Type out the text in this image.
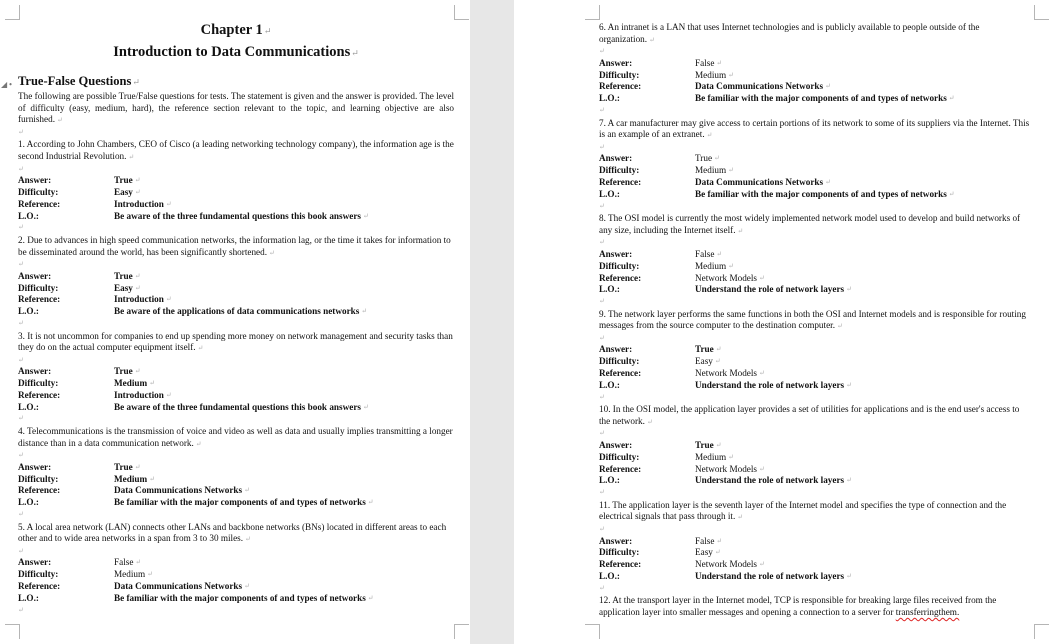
Chapter 1↵
Introduction to Data Communications↵
◢ • True-False Questions↵
The following are possible True/False questions for tests. The statement is given and the answer is provided. The level of difficulty (easy, medium, hard), the reference section relevant to the topic, and learning objective are also furnished. ↵
↵
1. According to John Chambers, CEO of Cisco (a leading networking technology company), the information age is the second Industrial Revolution. ↵
↵
Answer:	True ↵
Difficulty:	Easy ↵
Reference:	Introduction ↵
L.O.:	Be aware of the three fundamental questions this book answers ↵
↵
2. Due to advances in high speed communication networks, the information lag, or the time it takes for information to be disseminated around the world, has been significantly shortened. ↵
↵
Answer:	True ↵
Difficulty:	Easy ↵
Reference:	Introduction ↵
L.O.:	Be aware of the applications of data communications networks ↵
↵
3. It is not uncommon for companies to end up spending more money on network management and security tasks than they do on the actual computer equipment itself. ↵
↵
Answer:	True ↵
Difficulty:	Medium ↵
Reference:	Introduction ↵
L.O.:	Be aware of the three fundamental questions this book answers ↵
↵
4. Telecommunications is the transmission of voice and video as well as data and usually implies transmitting a longer distance than in a data communication network. ↵
↵
Answer:	True ↵
Difficulty:	Medium ↵
Reference:	Data Communications Networks ↵
L.O.:	Be familiar with the major components of and types of networks ↵
↵
5. A local area network (LAN) connects other LANs and backbone networks (BNs) located in different areas to each other and to wide area networks in a span from 3 to 30 miles. ↵
↵
Answer:	False ↵
Difficulty:	Medium ↵
Reference:	Data Communications Networks ↵
L.O.:	Be familiar with the major components of and types of networks ↵
↵
6. An intranet is a LAN that uses Internet technologies and is publicly available to people outside of the organization. ↵
↵
Answer:	False ↵
Difficulty:	Medium ↵
Reference:	Data Communications Networks ↵
L.O.:	Be familiar with the major components of and types of networks ↵
↵
7. A car manufacturer may give access to certain portions of its network to some of its suppliers via the Internet. This is an example of an extranet. ↵
↵
Answer:	True ↵
Difficulty:	Medium ↵
Reference:	Data Communications Networks ↵
L.O.:	Be familiar with the major components of and types of networks ↵
↵
8. The OSI model is currently the most widely implemented network model used to develop and build networks of any size, including the Internet itself. ↵
↵
Answer:	False ↵
Difficulty:	Medium ↵
Reference:	Network Models ↵
L.O.:	Understand the role of network layers ↵
↵
9. The network layer performs the same functions in both the OSI and Internet models and is responsible for routing messages from the source computer to the destination computer. ↵
↵
Answer:	True ↵
Difficulty:	Easy ↵
Reference:	Network Models ↵
L.O.:	Understand the role of network layers ↵
↵
10. In the OSI model, the application layer provides a set of utilities for applications and is the end user's access to the network. ↵
↵
Answer:	True ↵
Difficulty:	Medium ↵
Reference:	Network Models ↵
L.O.:	Understand the role of network layers ↵
↵
11. The application layer is the seventh layer of the Internet model and specifies the type of connection and the electrical signals that pass through it. ↵
↵
Answer:	False ↵
Difficulty:	Easy ↵
Reference:	Network Models ↵
L.O.:	Understand the role of network layers ↵
↵
12. At the transport layer in the Internet model, TCP is responsible for breaking large files received from the application layer into smaller messages and opening a connection to a server for transferringthem.
